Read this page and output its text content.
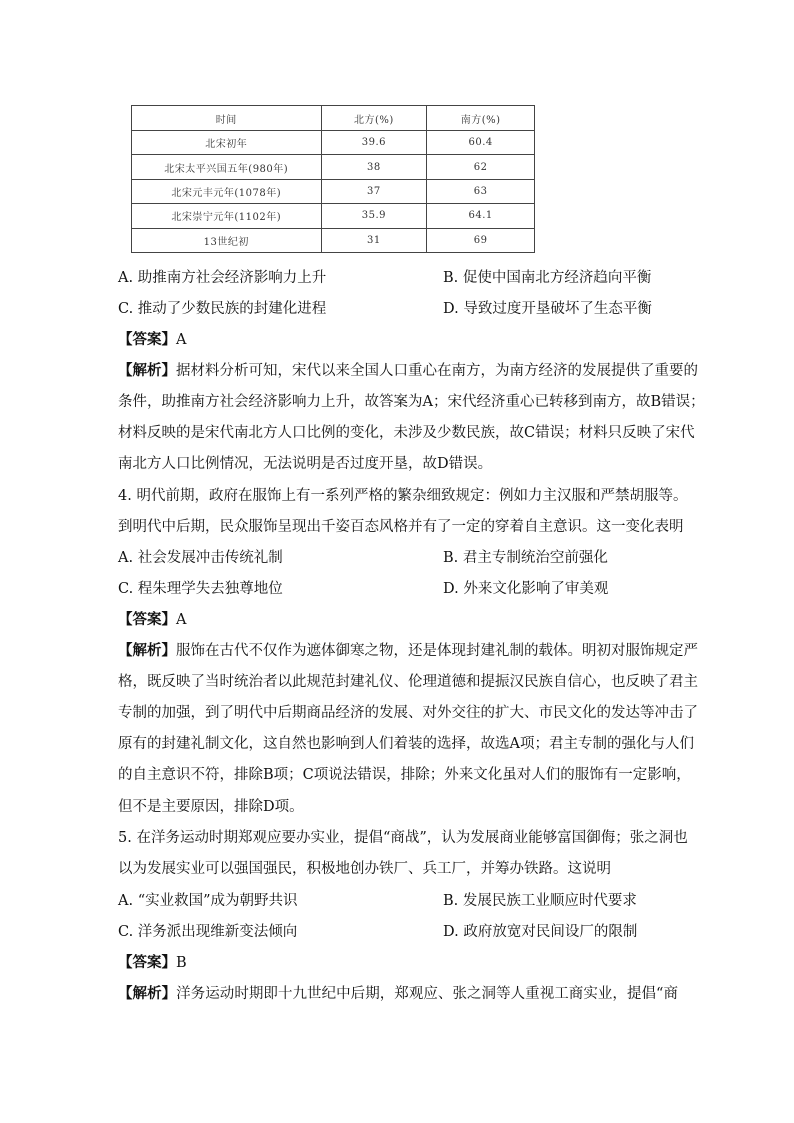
时间	北方(%)	南方(%)
北宋初年	39.6	60.4
北宋太平兴国五年(980年)	38	62
北宋元丰元年(1078年)	37	63
北宋崇宁元年(1102年)	35.9	64.1
13世纪初	31	69
A. 助推南方社会经济影响力上升	B. 促使中国南北方经济趋向平衡
C. 推动了少数民族的封建化进程	D. 导致过度开垦破坏了生态平衡
【答案】A
【解析】据材料分析可知，宋代以来全国人口重心在南方，为南方经济的发展提供了重要的
条件，助推南方社会经济影响力上升，故答案为A；宋代经济重心已转移到南方，故B错误；
材料反映的是宋代南北方人口比例的变化，未涉及少数民族，故C错误；材料只反映了宋代
南北方人口比例情况，无法说明是否过度开垦，故D错误。
4. 明代前期，政府在服饰上有一系列严格的繁杂细致规定：例如力主汉服和严禁胡服等。
到明代中后期，民众服饰呈现出千姿百态风格并有了一定的穿着自主意识。这一变化表明
A. 社会发展冲击传统礼制	B. 君主专制统治空前强化
C. 程朱理学失去独尊地位	D. 外来文化影响了审美观
【答案】A
【解析】服饰在古代不仅作为遮体御寒之物，还是体现封建礼制的载体。明初对服饰规定严
格，既反映了当时统治者以此规范封建礼仪、伦理道德和提振汉民族自信心，也反映了君主
专制的加强，到了明代中后期商品经济的发展、对外交往的扩大、市民文化的发达等冲击了
原有的封建礼制文化，这自然也影响到人们着装的选择，故选A项；君主专制的强化与人们
的自主意识不符，排除B项；C项说法错误，排除；外来文化虽对人们的服饰有一定影响，
但不是主要原因，排除D项。
5. 在洋务运动时期郑观应要办实业，提倡“商战”，认为发展商业能够富国御侮；张之洞也
以为发展实业可以强国强民，积极地创办铁厂、兵工厂，并筹办铁路。这说明
A. “实业救国”成为朝野共识	B. 发展民族工业顺应时代要求
C. 洋务派出现维新变法倾向	D. 政府放宽对民间设厂的限制
【答案】B
【解析】洋务运动时期即十九世纪中后期，郑观应、张之洞等人重视工商实业，提倡“商
